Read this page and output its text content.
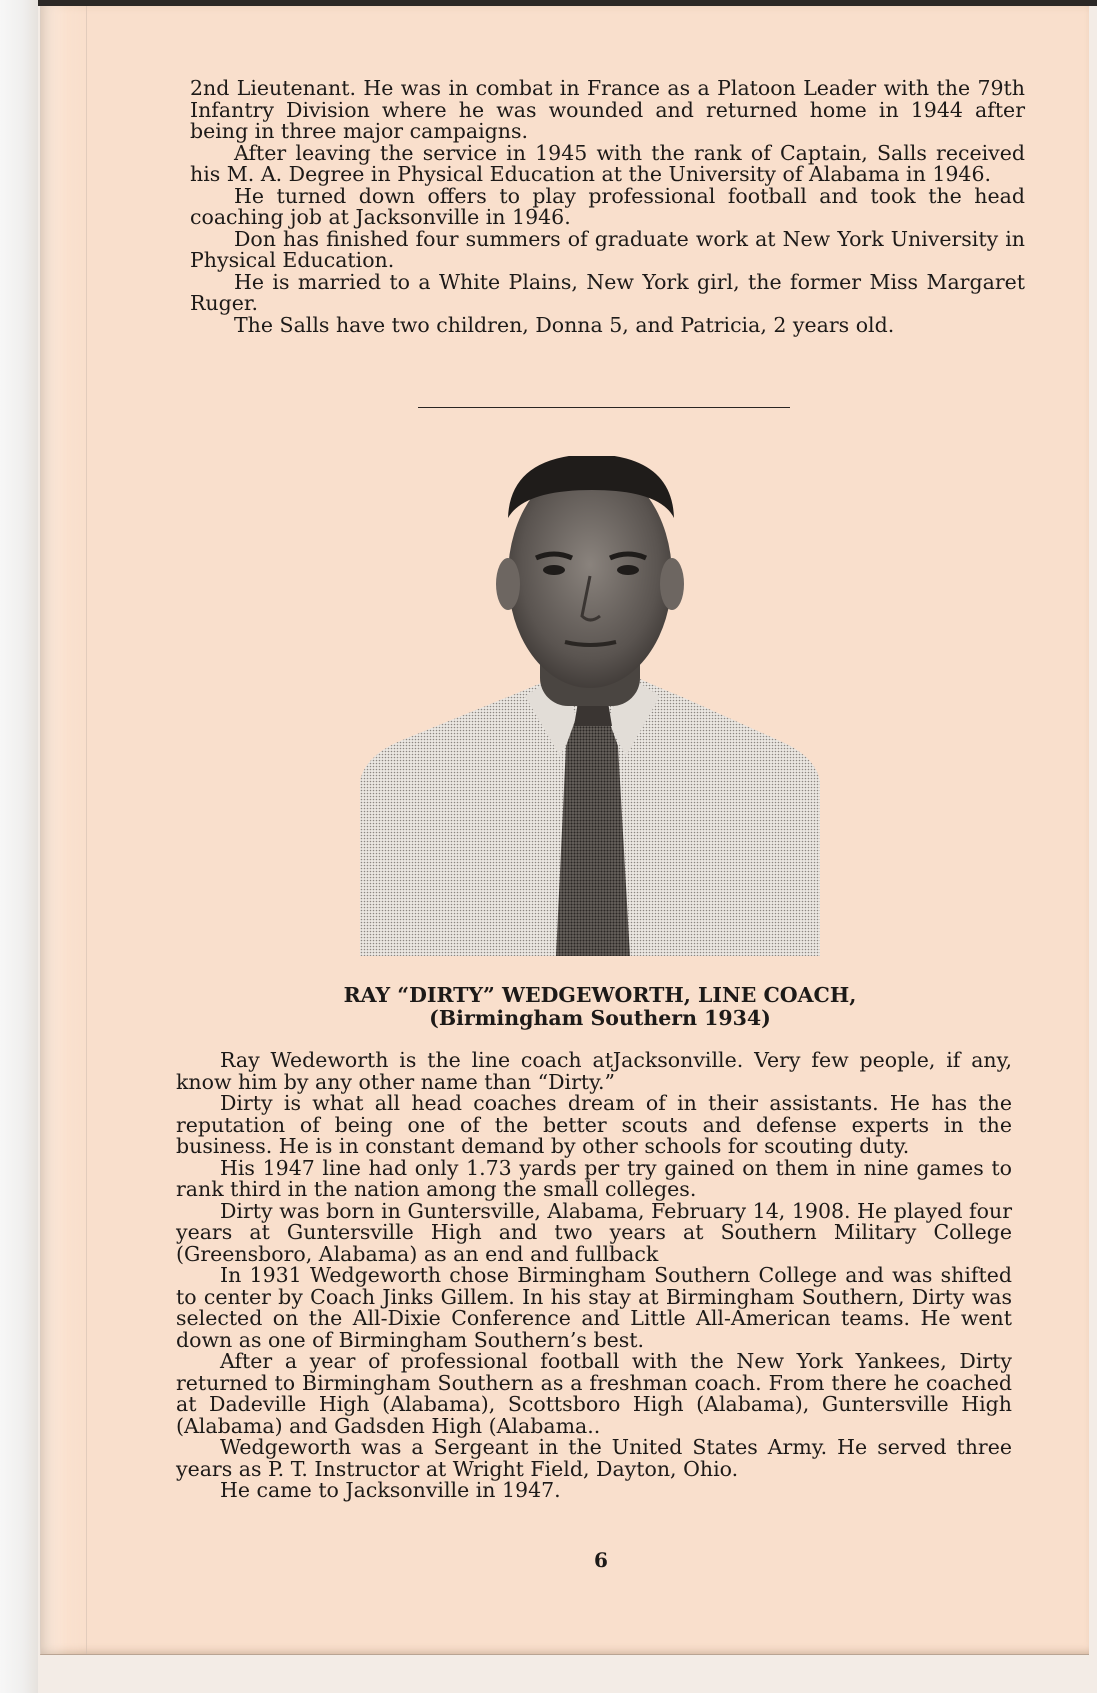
2nd Lieutenant. He was in combat in France as a Platoon Leader with the 79th Infantry Division where he was wounded and returned home in 1944 after being in three major campaigns.

After leaving the service in 1945 with the rank of Captain, Salls received his M. A. Degree in Physical Education at the University of Alabama in 1946.

He turned down offers to play professional football and took the head coaching job at Jacksonville in 1946.

Don has finished four summers of graduate work at New York University in Physical Education.

He is married to a White Plains, New York girl, the former Miss Margaret Ruger.

The Salls have two children, Donna 5, and Patricia, 2 years old.

RAY “DIRTY” WEDGEWORTH, LINE COACH,
(Birmingham Southern 1934)

Ray Wedeworth is the line coach atJacksonville. Very few people, if any, know him by any other name than “Dirty.”

Dirty is what all head coaches dream of in their assistants. He has the reputation of being one of the better scouts and defense experts in the business. He is in constant demand by other schools for scouting duty.

His 1947 line had only 1.73 yards per try gained on them in nine games to rank third in the nation among the small colleges.

Dirty was born in Guntersville, Alabama, February 14, 1908. He played four years at Guntersville High and two years at Southern Military College (Greensboro, Alabama) as an end and fullback

In 1931 Wedgeworth chose Birmingham Southern College and was shifted to center by Coach Jinks Gillem. In his stay at Birmingham Southern, Dirty was selected on the All-Dixie Conference and Little All-American teams. He went down as one of Birmingham Southern’s best.

After a year of professional football with the New York Yankees, Dirty returned to Birmingham Southern as a freshman coach. From there he coached at Dadeville High (Alabama), Scottsboro High (Alabama), Guntersville High (Alabama) and Gadsden High (Alabama..

Wedgeworth was a Sergeant in the United States Army. He served three years as P. T. Instructor at Wright Field, Dayton, Ohio.

He came to Jacksonville in 1947.

6
